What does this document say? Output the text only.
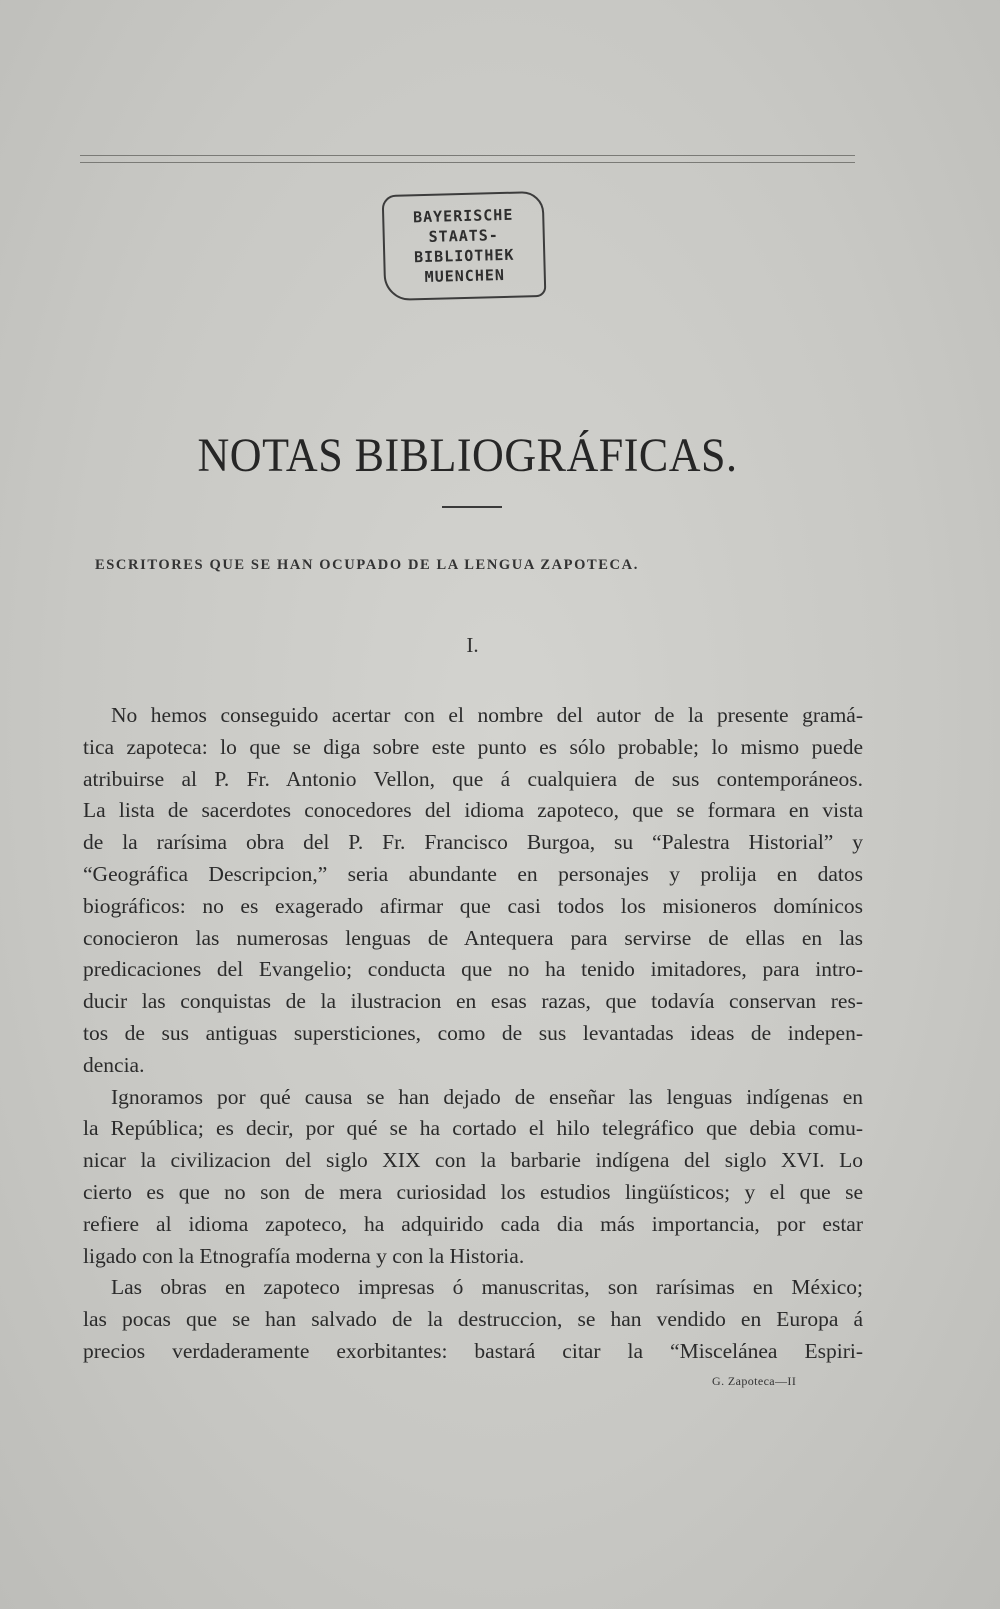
BAYERISCHE
STAATS-
BIBLIOTHEK
MUENCHEN
NOTAS BIBLIOGRÁFICAS.
ESCRITORES QUE SE HAN OCUPADO DE LA LENGUA ZAPOTECA.
I.
No hemos conseguido acertar con el nombre del autor de la presente gramá-
tica zapoteca: lo que se diga sobre este punto es sólo probable; lo mismo puede
atribuirse al P. Fr. Antonio Vellon, que á cualquiera de sus contemporáneos.
La lista de sacerdotes conocedores del idioma zapoteco, que se formara en vista
de la rarísima obra del P. Fr. Francisco Burgoa, su “Palestra Historial” y
“Geográfica Descripcion,” seria abundante en personajes y prolija en datos
biográficos: no es exagerado afirmar que casi todos los misioneros domínicos
conocieron las numerosas lenguas de Antequera para servirse de ellas en las
predicaciones del Evangelio; conducta que no ha tenido imitadores, para intro-
ducir las conquistas de la ilustracion en esas razas, que todavía conservan res-
tos de sus antiguas supersticiones, como de sus levantadas ideas de indepen-
dencia.
Ignoramos por qué causa se han dejado de enseñar las lenguas indígenas en
la República; es decir, por qué se ha cortado el hilo telegráfico que debia comu-
nicar la civilizacion del siglo XIX con la barbarie indígena del siglo XVI. Lo
cierto es que no son de mera curiosidad los estudios lingüísticos; y el que se
refiere al idioma zapoteco, ha adquirido cada dia más importancia, por estar
ligado con la Etnografía moderna y con la Historia.
Las obras en zapoteco impresas ó manuscritas, son rarísimas en México;
las pocas que se han salvado de la destruccion, se han vendido en Europa á
precios verdaderamente exorbitantes: bastará citar la “Miscelánea Espiri-
G. Zapoteca—II
